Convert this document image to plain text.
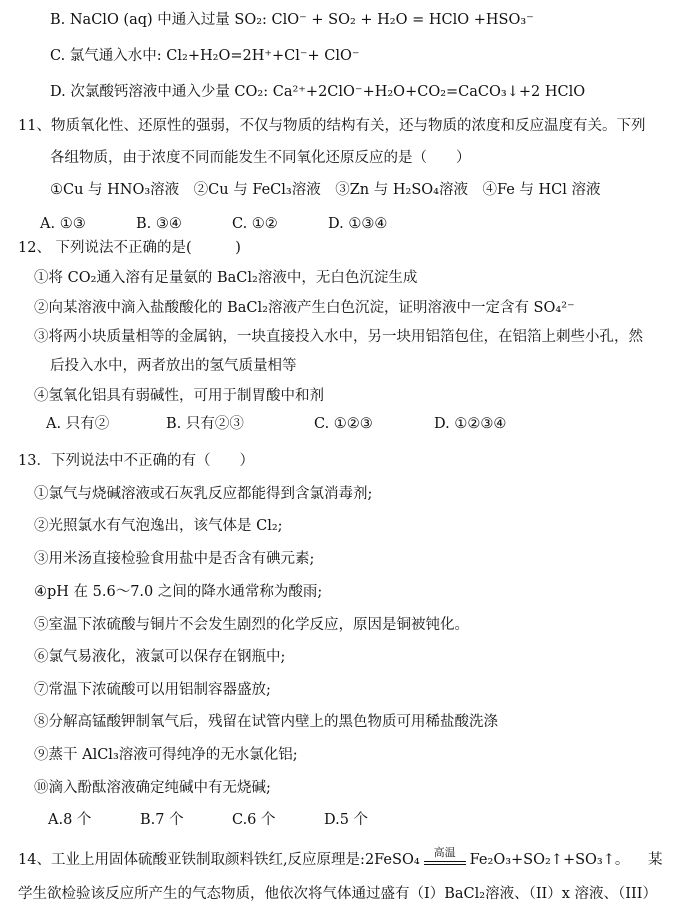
B. NaClO (aq) 中通入过量 SO₂: ClO⁻ + SO₂ + H₂O = HClO +HSO₃⁻
C. 氯气通入水中: Cl₂+H₂O=2H⁺+Cl⁻+ ClO⁻
D. 次氯酸钙溶液中通入少量 CO₂: Ca²⁺+2ClO⁻+H₂O+CO₂=CaCO₃↓+2 HClO
11、物质氧化性、还原性的强弱，不仅与物质的结构有关，还与物质的浓度和反应温度有关。下列
各组物质，由于浓度不同而能发生不同氧化还原反应的是（　　）
①Cu 与 HNO₃溶液　②Cu 与 FeCl₃溶液　③Zn 与 H₂SO₄溶液　④Fe 与 HCl 溶液
A. ①③	B. ③④	C. ①②	D. ①③④
12、 下列说法不正确的是(　　　)
①将 CO₂通入溶有足量氨的 BaCl₂溶液中，无白色沉淀生成
②向某溶液中滴入盐酸酸化的 BaCl₂溶液产生白色沉淀，证明溶液中一定含有 SO₄²⁻
③将两小块质量相等的金属钠，一块直接投入水中，另一块用铝箔包住，在铝箔上刺些小孔，然
后投入水中，两者放出的氢气质量相等
④氢氧化铝具有弱碱性，可用于制胃酸中和剂
A. 只有②	B. 只有②③	C. ①②③	D. ①②③④
13．下列说法中不正确的有（　　）
①氯气与烧碱溶液或石灰乳反应都能得到含氯消毒剂;
②光照氯水有气泡逸出，该气体是 Cl₂;
③用米汤直接检验食用盐中是否含有碘元素;
④pH 在 5.6～7.0 之间的降水通常称为酸雨;
⑤室温下浓硫酸与铜片不会发生剧烈的化学反应，原因是铜被钝化。
⑥氯气易液化，液氯可以保存在钢瓶中;
⑦常温下浓硫酸可以用铝制容器盛放;
⑧分解高锰酸钾制氧气后，残留在试管内壁上的黑色物质可用稀盐酸洗涤
⑨蒸干 AlCl₃溶液可得纯净的无水氯化铝;
⑩滴入酚酞溶液确定纯碱中有无烧碱;
A.8 个	B.7 个	C.6 个	D.5 个
14、工业上用固体硫酸亚铁制取颜料铁红,反应原理是:2FeSO₄	高温 Fe₂O₃+SO₂↑+SO₃↑。 某
学生欲检验该反应所产生的气态物质，他依次将气体通过盛有（I）BaCl₂溶液、（II）x 溶液、（III）
